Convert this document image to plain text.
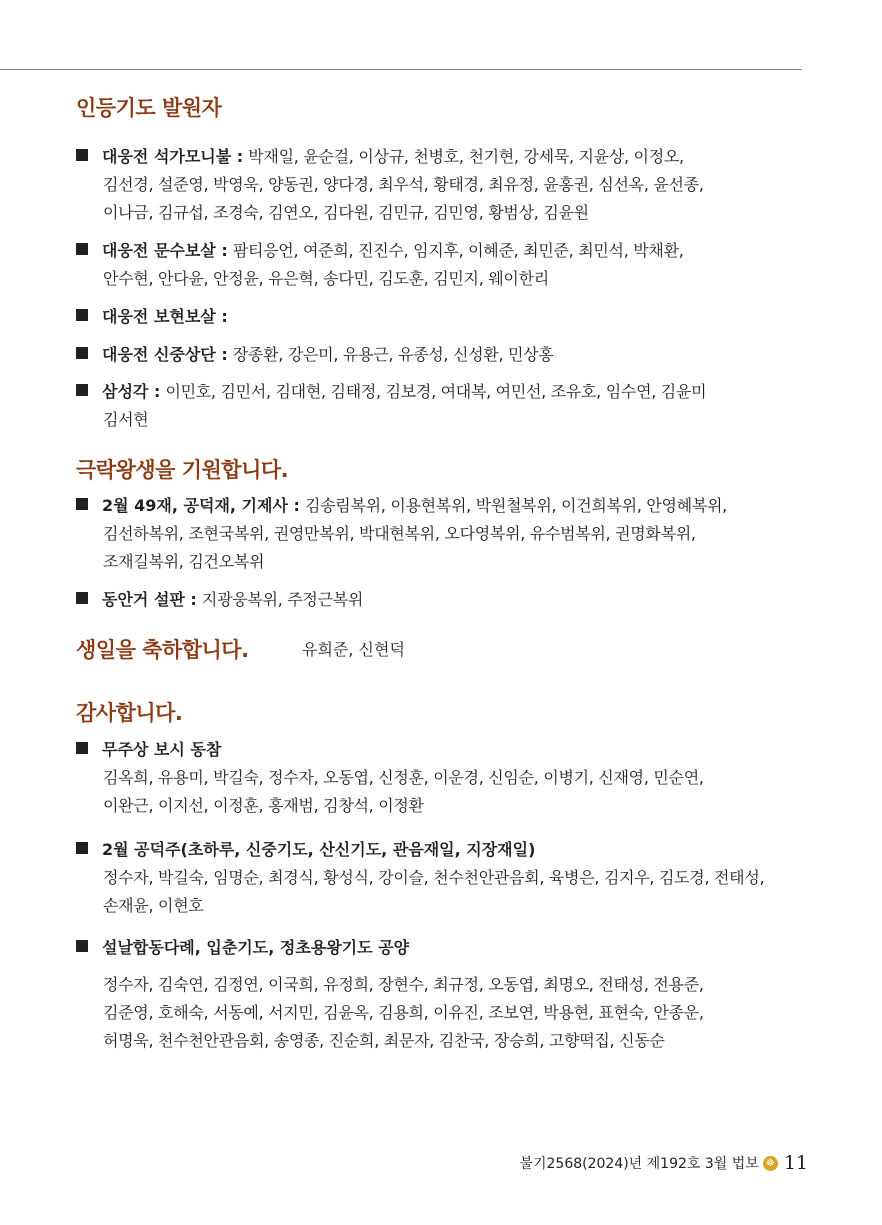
인등기도 발원자
대웅전 석가모니불 : 박재일, 윤순걸, 이상규, 천병호, 천기현, 강세묵, 지윤상, 이정오,
김선경, 설준영, 박영욱, 양동권, 양다경, 최우석, 황태경, 최유정, 윤홍권, 심선옥, 윤선종,
이나금, 김규섭, 조경숙, 김연오, 김다원, 김민규, 김민영, 황범상, 김윤원
대웅전 문수보살 : 팜티응언, 여준희, 진진수, 임지후, 이혜준, 최민준, 최민석, 박채환,
안수현, 안다윤, 안정윤, 유은혁, 송다민, 김도훈, 김민지, 웨이한리
대웅전 보현보살 :
대웅전 신중상단 : 장종환, 강은미, 유용근, 유종성, 신성환, 민상홍
삼성각 : 이민호, 김민서, 김대현, 김태정, 김보경, 여대복, 여민선, 조유호, 임수연, 김윤미
김서현
극락왕생을 기원합니다.
2월 49재, 공덕재, 기제사 : 김송림복위, 이용현복위, 박원철복위, 이건희복위, 안영혜복위,
김선하복위, 조현국복위, 권영만복위, 박대현복위, 오다영복위, 유수범복위, 권명화복위,
조재길복위, 김건오복위
동안거 설판 : 지광웅복위, 주정근복위
생일을 축하합니다.	유희준, 신현덕
감사합니다.
무주상 보시 동참
김옥희, 유용미, 박길숙, 정수자, 오동엽, 신정훈, 이운경, 신임순, 이병기, 신재영, 민순연,
이완근, 이지선, 이정훈, 홍재범, 김창석, 이정환
2월 공덕주(초하루, 신중기도, 산신기도, 관음재일, 지장재일)
정수자, 박길숙, 임명순, 최경식, 황성식, 강이슬, 천수천안관음회, 육병은, 김지우, 김도경, 전태성,
손재윤, 이현호
설날합동다례, 입춘기도, 정초용왕기도 공양
정수자, 김숙연, 김정연, 이국희, 유정희, 장현수, 최규정, 오동엽, 최명오, 전태성, 전용준,
김준영, 호해숙, 서동예, 서지민, 김윤옥, 김용희, 이유진, 조보연, 박용현, 표현숙, 안종운,
허명욱, 천수천안관음회, 송영종, 진순희, 최문자, 김찬국, 장승희, 고향떡집, 신동순
불기2568(2024)년 제192호 3월 법보 ☸ 11
